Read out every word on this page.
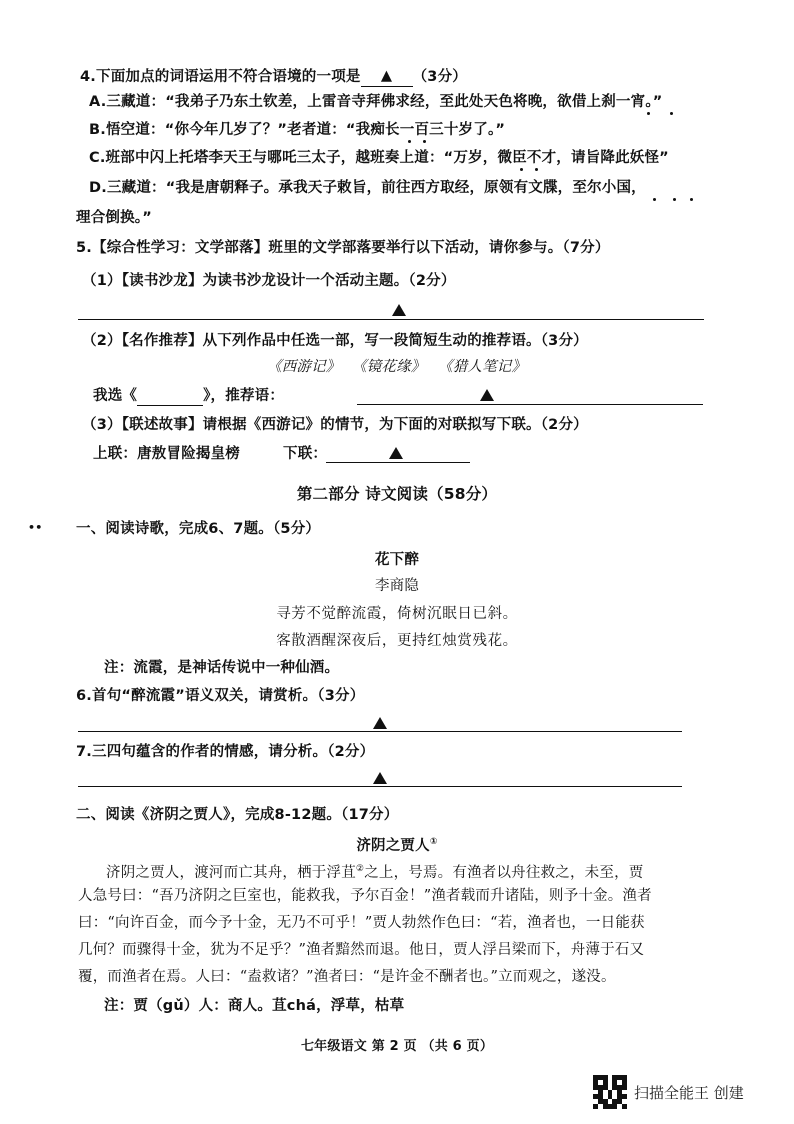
4.下面加点的词语运用不符合语境的一项是 ▲ （3分）
A.三藏道：“我弟子乃东土钦差，上雷音寺拜佛求经，至此处天色将晚，欲借上刹一宵。”
B.悟空道：“你今年几岁了？”老者道：“我痴长一百三十岁了。”
C.班部中闪上托塔李天王与哪吒三太子，越班奏上道：“万岁，微臣不才，请旨降此妖怪”
D.三藏道：“我是唐朝释子。承我天子敕旨，前往西方取经，原领有文牒，至尔小国，
理合倒换。”
5.【综合性学习：文学部落】班里的文学部落要举行以下活动，请你参与。（7分）
（1）【读书沙龙】为读书沙龙设计一个活动主题。（2分）
（2）【名作推荐】从下列作品中任选一部，写一段简短生动的推荐语。（3分）
《西游记》 《镜花缘》 《猎人笔记》
我选《	》，推荐语：
（3）【联述故事】请根据《西游记》的情节，为下面的对联拟写下联。（2分）
上联：唐敖冒险揭皇榜	下联：
第二部分 诗文阅读（58分）
•• 一、阅读诗歌，完成6、7题。（5分）
花下醉
李商隐
寻芳不觉醉流霞，倚树沉眠日已斜。
客散酒醒深夜后，更持红烛赏残花。
注：流霞，是神话传说中一种仙酒。
6.首句“醉流霞”语义双关，请赏析。（3分）
7.三四句蕴含的作者的情感，请分析。（2分）
二、阅读《济阴之贾人》，完成8-12题。（17分）
济阴之贾人①
济阴之贾人，渡河而亡其舟，栖于浮苴②之上，号焉。有渔者以舟往救之，未至，贾
人急号曰：“吾乃济阴之巨室也，能救我，予尔百金！”渔者载而升诸陆，则予十金。渔者
曰：“向许百金，而今予十金，无乃不可乎！”贾人勃然作色曰：“若，渔者也，一日能获
几何？而骤得十金，犹为不足乎？”渔者黯然而退。他日，贾人浮吕梁而下，舟薄于石又
覆，而渔者在焉。人曰：“盍救诸？”渔者曰：“是许金不酬者也。”立而观之，遂没。
注：贾（gǔ）人：商人。苴chá，浮草，枯草
七年级语文 第 2 页 （共 6 页）
扫描全能王 创建
